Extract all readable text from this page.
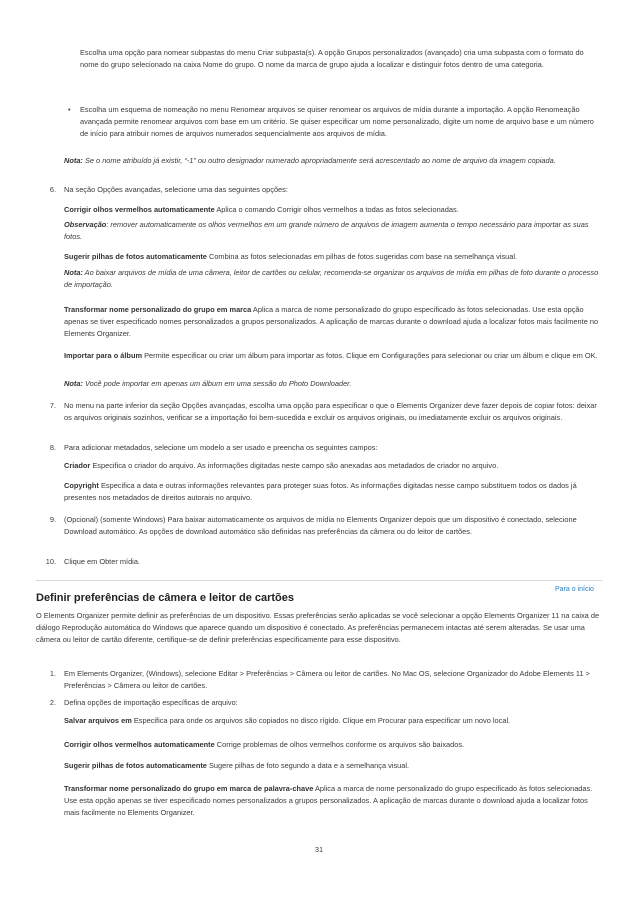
Escolha uma opção para nomear subpastas do menu Criar subpasta(s). A opção Grupos personalizados (avançado) cria uma subpasta com o formato do nome do grupo selecionado na caixa Nome do grupo. O nome da marca de grupo ajuda a localizar e distinguir fotos dentro de uma categoria.

• Escolha um esquema de nomeação no menu Renomear arquivos se quiser renomear os arquivos de mídia durante a importação. A opção Renomeação avançada permite renomear arquivos com base em um critério. Se quiser especificar um nome personalizado, digite um nome de arquivo base e um número de início para atribuir nomes de arquivos numerados sequencialmente aos arquivos de mídia.

Nota: Se o nome atribuído já existir, “-1” ou outro designador numerado apropriadamente será acrescentado ao nome de arquivo da imagem copiada.

6. Na seção Opções avançadas, selecione uma das seguintes opções:

Corrigir olhos vermelhos automaticamente Aplica o comando Corrigir olhos vermelhos a todas as fotos selecionadas.

Observação: remover automaticamente os olhos vermelhos em um grande número de arquivos de imagem aumenta o tempo necessário para importar as suas fotos.

Sugerir pilhas de fotos automaticamente Combina as fotos selecionadas em pilhas de fotos sugeridas com base na semelhança visual.

Nota: Ao baixar arquivos de mídia de uma câmera, leitor de cartões ou celular, recomenda-se organizar os arquivos de mídia em pilhas de foto durante o processo de importação.

Transformar nome personalizado do grupo em marca Aplica a marca de nome personalizado do grupo especificado às fotos selecionadas. Use esta opção apenas se tiver especificado nomes personalizados a grupos personalizados. A aplicação de marcas durante o download ajuda a localizar fotos mais facilmente no Elements Organizer.

Importar para o álbum Permite especificar ou criar um álbum para importar as fotos. Clique em Configurações para selecionar ou criar um álbum e clique em OK.

Nota: Você pode importar em apenas um álbum em uma sessão do Photo Downloader.

7. No menu na parte inferior da seção Opções avançadas, escolha uma opção para especificar o que o Elements Organizer deve fazer depois de copiar fotos: deixar os arquivos originais sozinhos, verificar se a importação foi bem-sucedida e excluir os arquivos originais, ou imediatamente excluir os arquivos originais.

8. Para adicionar metadados, selecione um modelo a ser usado e preencha os seguintes campos:

Criador Especifica o criador do arquivo. As informações digitadas neste campo são anexadas aos metadados de criador no arquivo.

Copyright Especifica a data e outras informações relevantes para proteger suas fotos. As informações digitadas nesse campo substituem todos os dados já presentes nos metadados de direitos autorais no arquivo.

9. (Opcional) (somente Windows) Para baixar automaticamente os arquivos de mídia no Elements Organizer depois que um dispositivo é conectado, selecione Download automático. As opções de download automático são definidas nas preferências da câmera ou do leitor de cartões.

10. Clique em Obter mídia.

Definir preferências de câmera e leitor de cartões
Para o início

O Elements Organizer permite definir as preferências de um dispositivo. Essas preferências serão aplicadas se você selecionar a opção Elements Organizer 11 na caixa de diálogo Reprodução automática do Windows que aparece quando um dispositivo é conectado. As preferências permanecem intactas até serem alteradas. Se usar uma câmera ou leitor de cartão diferente, certifique-se de definir preferências especificamente para esse dispositivo.

1. Em Elements Organizer, (Windows), selecione Editar > Preferências > Câmera ou leitor de cartões. No Mac OS, selecione Organizador do Adobe Elements 11 > Preferências > Câmera ou leitor de cartões.

2. Defina opções de importação específicas de arquivo:

Salvar arquivos em Especifica para onde os arquivos são copiados no disco rígido. Clique em Procurar para especificar um novo local.

Corrigir olhos vermelhos automaticamente Corrige problemas de olhos vermelhos conforme os arquivos são baixados.

Sugerir pilhas de fotos automaticamente Sugere pilhas de foto segundo a data e a semelhança visual.

Transformar nome personalizado do grupo em marca de palavra-chave Aplica a marca de nome personalizado do grupo especificado às fotos selecionadas. Use esta opção apenas se tiver especificado nomes personalizados a grupos personalizados. A aplicação de marcas durante o download ajuda a localizar fotos mais facilmente no Elements Organizer.

31
